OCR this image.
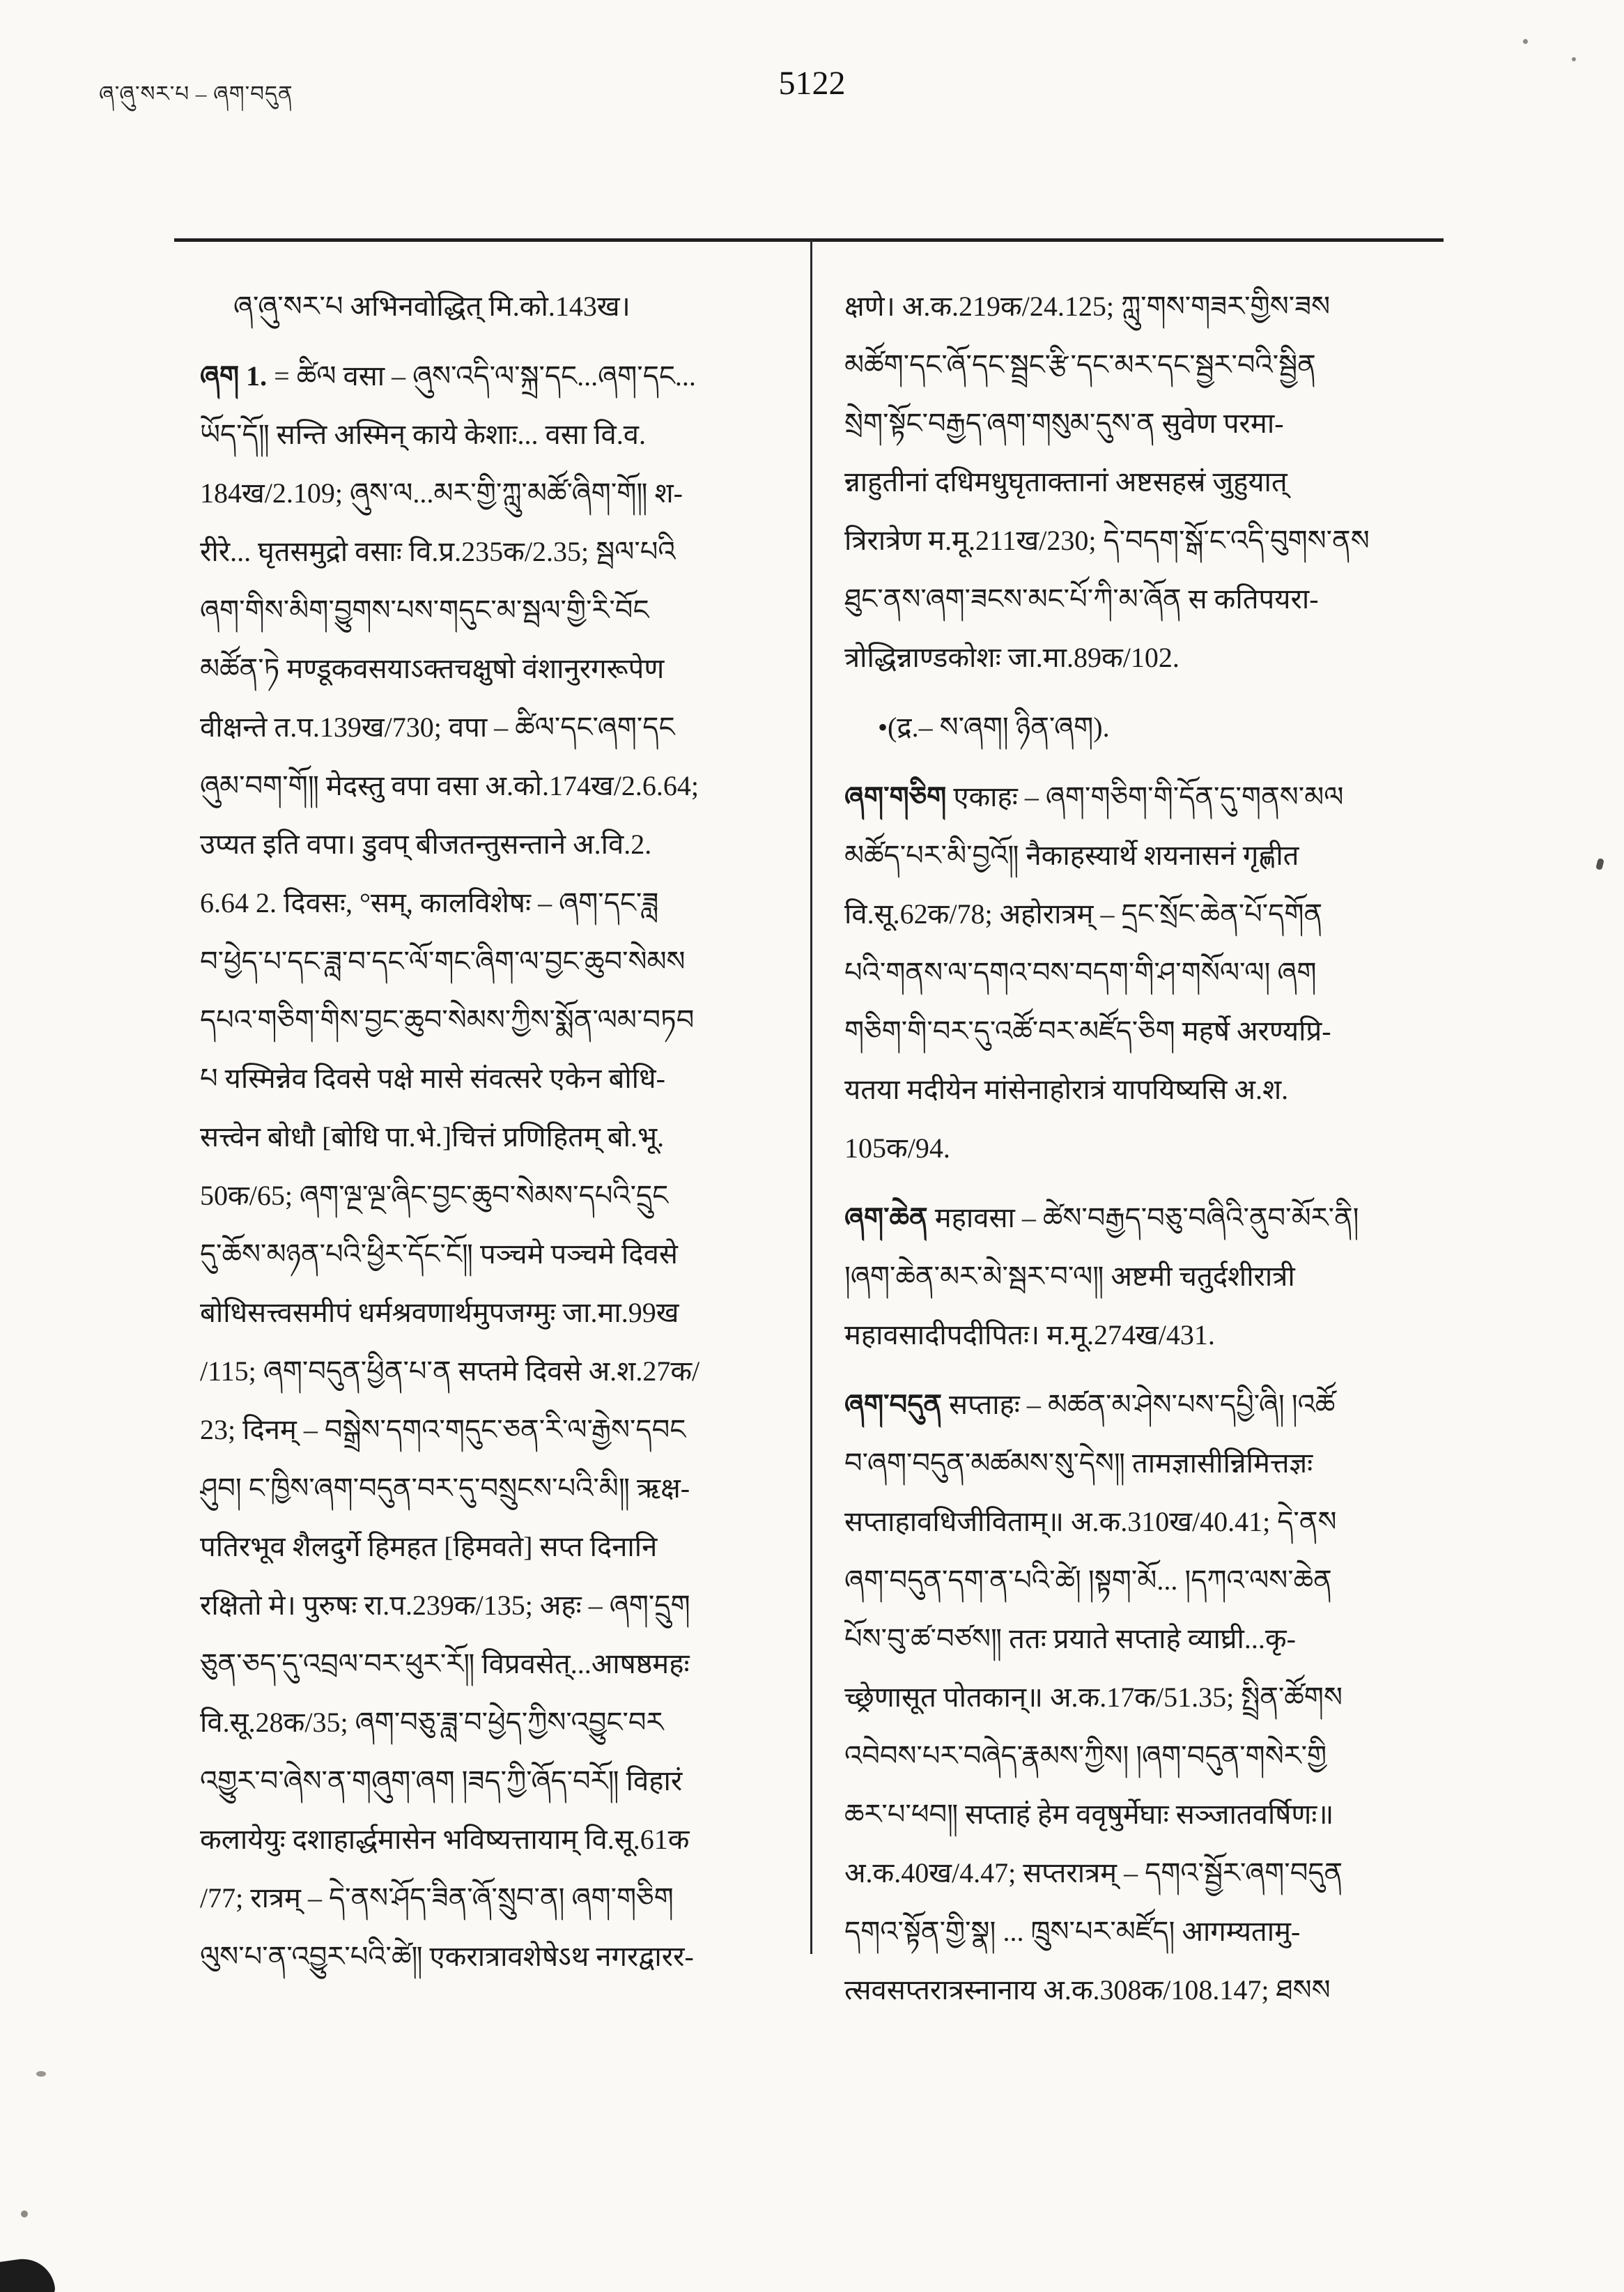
ཞ་ཞུ་སར་པ – ཞག་བདུན	5122
ཞ་ཞུ་སར་པ अभिनवोद्धित् मि.को.143ख।
ཞག 1. = ཚིལ वसा – ཞུས་འདི་ལ་སྐྲ་དང...ཞག་དང...
ཡོད་དོ༎ सन्ति अस्मिन् काये केशाः... वसा वि.व.
184ख/2.109; ཞུས་ལ...མར་གྱི་ཀླུ་མཚོ་ཞིག་གོ༎ श-
रीरे... घृतसमुद्रो वसाः वि.प्र.235क/2.35; སྦལ་པའི
ཞག་གིས་མིག་བྱུགས་པས་གདུང་མ་སྦལ་གྱི་རི་བོང
མཚོན་ཏེ मण्डूकवसयाऽक्तचक्षुषो वंशानुरगरूपेण
वीक्षन्ते त.प.139ख/730; वपा – ཚིལ་དང་ཞག་དང
ཞུམ་བག་གོ༎ मेदस्तु वपा वसा अ.को.174ख/2.6.64;
उप्यत इति वपा। डुवप् बीजतन्तुसन्ताने अ.वि.2.
6.64 2. दिवसः, °सम्, कालविशेषः – ཞག་དང་ཟླ
བ་ཕྱེད་པ་དང་ཟླ་བ་དང་ལོ་གང་ཞིག་ལ་བྱང་ཆུབ་སེམས
དཔའ་གཅིག་གིས་བྱང་ཆུབ་སེམས་ཀྱིས་སྨོན་ལམ་བཏབ
པ यस्मिन्नेव दिवसे पक्षे मासे संवत्सरे एकेन बोधि-
सत्त्वेन बोधौ [बोधि पा.भे.]चित्तं प्रणिहितम् बो.भू.
50क/65; ཞག་ལྔ་ལྔ་ཞིང་བྱང་ཆུབ་སེམས་དཔའི་དྲུང
དུ་ཆོས་མཉན་པའི་ཕྱིར་དོང་ངོ༎ पञ्चमे पञ्चमे दिवसे
बोधिसत्त्वसमीपं धर्मश्रवणार्थमुपजग्मुः जा.मा.99ख
/115; ཞག་བདུན་ཕྱིན་པ་ན सप्तमे दिवसे अ.श.27क/
23; दिनम् – བསྒྲེས་དགའ་གདུང་ཅན་རི་ལ་རྒྱེས་དབང
ཤུབ། ང་ཁྱིས་ཞག་བདུན་བར་དུ་བསྲུངས་པའི་མི༎ ऋक्ष-
पतिरभूव शैलदुर्गे हिमहत [हिमवते] सप्त दिनानि
रक्षितो मे। पुरुषः रा.प.239क/135; अहः – ཞག་དྲུག
ཅུན་ཅད་དུ་འབྲལ་བར་ཕུར་རོ༎ विप्रवसेत्...आषष्ठमहः
वि.सू.28क/35; ཞག་བཅུ་ཟླ་བ་ཕྱེད་ཀྱིས་འབྱུང་བར
འགྱུར་བ་ཞེས་ན་གཞུག་ཞག །ཟད་ཀྱི་ཞོད་བརོ༎ विहारं
कलायेयुः दशाहार्द्धमासेन भविष्यत्तायाम् वि.सू.61क
/77; रात्रम् – དེ་ནས་ཤོད་ཟིན་ཞོ་སྲུབ་ན། ཞག་གཅིག
ལུས་པ་ན་འབྱུར་པའི་ཚེ༎ एकरात्रावशेषेऽथ नगरद्वारर-
क्षणे। अ.क.219क/24.125; ཀླུ་གས་གཟར་གྱིས་ཟས
མཚོག་དང་ཞོ་དང་སྦྲང་རྩི་དང་མར་དང་སྦྱར་བའི་སྦྱིན
སྲེག་སྟོང་བརྒྱད་ཞག་གསུམ་དུས་ན सुवेण परमा-
न्नाहुतीनां दधिमधुघृताक्तानां अष्टसहस्रं जुहुयात्
त्रिरात्रेण म.मू.211ख/230; དེ་བདག་སྒོ་ང་འདི་བུགས་ནས
ཐུང་ནས་ཞག་ཟངས་མང་པོ་ཀི་མ་ཞོན स कतिपयरा-
त्रोद्धिन्नाण्डकोशः जा.मा.89क/102.
•(द्र.– ས་ཞག། ཉིན་ཞག).
ཞག་གཅིག एकाहः – ཞག་གཅིག་གི་དོན་དུ་གནས་མལ
མཚོད་པར་མི་བྱའོ༎ नैकाहस्यार्थे शयनासनं गृह्णीत
वि.सू.62क/78; अहोरात्रम् – དྲང་སྲོང་ཆེན་པོ་དགོན
པའི་གནས་ལ་དགའ་བས་བདག་གི་ཤ་གསོལ་ལ། ཞག
གཅིག་གི་བར་དུ་འཚོ་བར་མཛོད་ཅིག महर्षे अरण्यप्रि-
यतया मदीयेन मांसेनाहोरात्रं यापयिष्यसि अ.श.
105क/94.
ཞག་ཆེན महावसा – ཚེས་བརྒྱད་བཅུ་བཞིའི་ནུབ་མོར་ནི།
།ཞག་ཆེན་མར་མེ་སྦར་བ་ལ༎ अष्टमी चतुर्दशीरात्री
महावसादीपदीपितः। म.मू.274ख/431.
ཞག་བདུན सप्ताहः – མཚན་མ་ཤེས་པས་དཔྱི་ཞི། །འཚོ
བ་ཞག་བདུན་མཚམས་སུ་དེས༎ तामज्ञासीन्निमित्तज्ञः
सप्ताहावधिजीविताम्॥ अ.क.310ख/40.41; དེ་ནས
ཞག་བདུན་དག་ན་པའི་ཚེ། །སྟག་མོ... །དཀའ་ལས་ཆེན
པོས་བུ་ཚ་བཙས༎ ततः प्रयाते सप्ताहे व्याघ्री...कृ-
च्छ्रेणासूत पोतकान्॥ अ.क.17क/51.35; སྤྲིན་ཚོགས
འབེབས་པར་བཞེད་རྣམས་ཀྱིས། །ཞག་བདུན་གསེར་གྱི
ཆར་པ་ཕབ༎ सप्ताहं हेम ववृषुर्मेघाः सञ्जातवर्षिणः॥
अ.क.40ख/4.47; सप्तरात्रम् – དགའ་སྦྱོར་ཞག་བདུན
དགའ་སྟོན་གྱི་སྣ། ... ཁྲུས་པར་མཛོད། आगम्यतामु-
त्सवसप्तरात्रस्नानाय अ.क.308क/108.147; ཐསས
